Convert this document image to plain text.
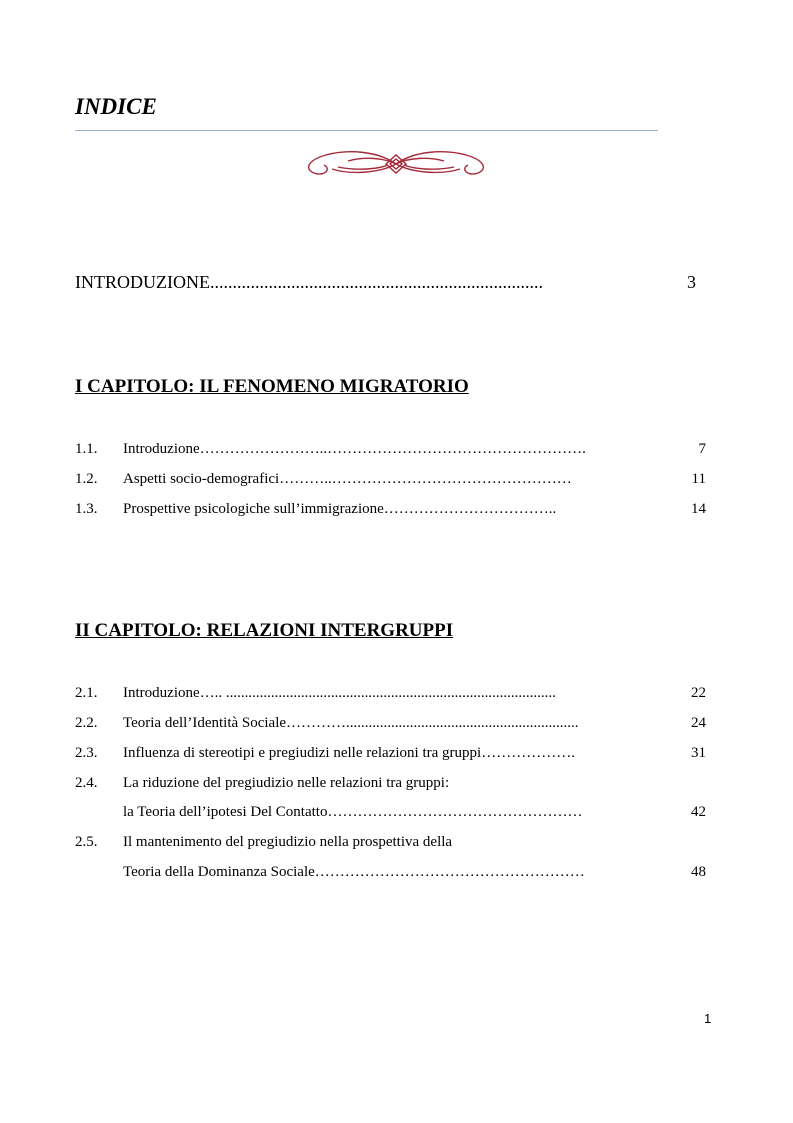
INDICE
INTRODUZIONE..........................................................................	3
I CAPITOLO: IL FENOMENO MIGRATORIO
1.1. Introduzione……………………..…………………………………………….	7
1.2. Aspetti socio-demografici………..…………………………………………	11
1.3. Prospettive psicologiche sull’immigrazione……………………………..	14
II CAPITOLO: RELAZIONI INTERGRUPPI
2.1. Introduzione….. ........................................................................................	22
2.2. Teoria dell’Identità Sociale…………..............................................................	24
2.3. Influenza di stereotipi e pregiudizi nelle relazioni tra gruppi……………….	31
2.4. La riduzione del pregiudizio nelle relazioni tra gruppi:
la Teoria dell’ipotesi Del Contatto……………………………………………	42
2.5. Il mantenimento del pregiudizio nella prospettiva della
Teoria della Dominanza Sociale………………………………………………	48
1
